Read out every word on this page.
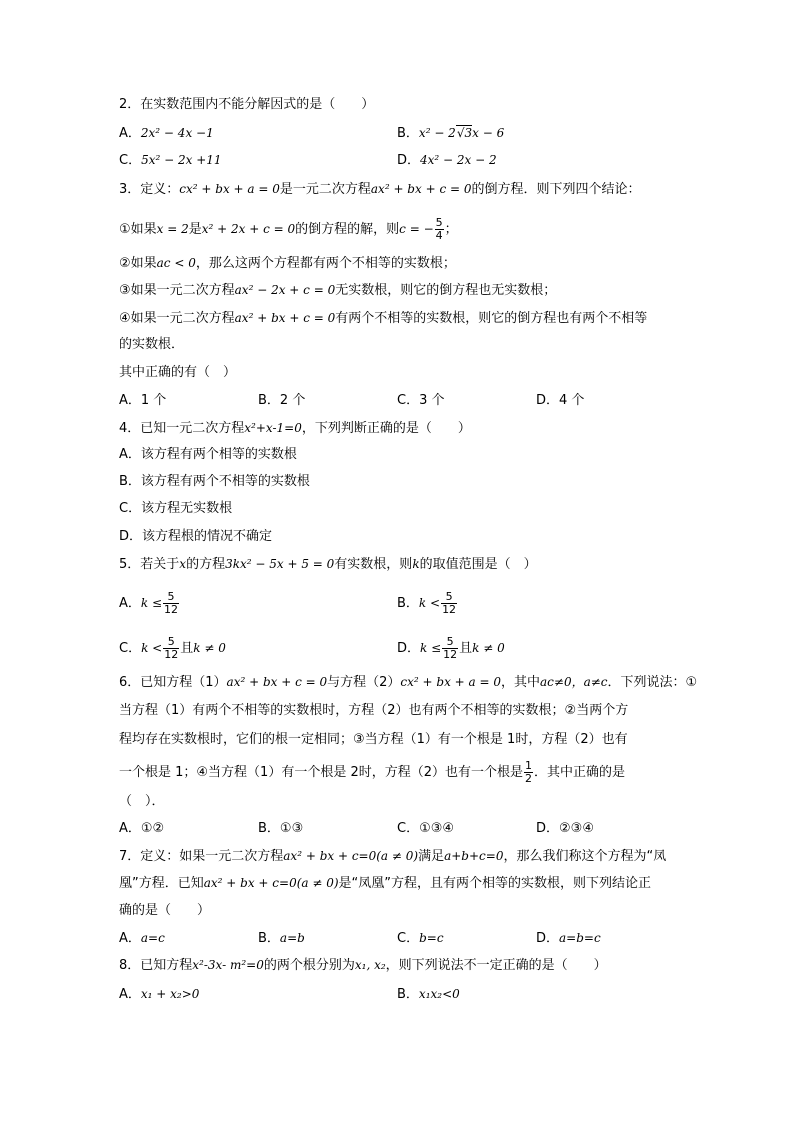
2．在实数范围内不能分解因式的是（　　）
A．2x² − 4x −1	B．x² − 2√3x − 6
C．5x² − 2x +11	D．4x² − 2x − 2
3．定义：cx² + bx + a = 0是一元二次方程ax² + bx + c = 0的倒方程．则下列四个结论：
①如果x = 2是x² + 2x + c = 0的倒方程的解，则c = − $\frac{5}{4}$ ；
②如果ac < 0，那么这两个方程都有两个不相等的实数根；
③如果一元二次方程ax² − 2x + c = 0无实数根，则它的倒方程也无实数根；
④如果一元二次方程ax² + bx + c = 0有两个不相等的实数根，则它的倒方程也有两个不相等
的实数根．
其中正确的有（　）
A．1 个	B．2 个	C．3 个	D．4 个
4．已知一元二次方程x²+x-1=0，下列判断正确的是（　　）
A．该方程有两个相等的实数根
B．该方程有两个不相等的实数根
C．该方程无实数根
D．该方程根的情况不确定
5．若关于x的方程3kx² − 5x + 5 = 0有实数根，则k的取值范围是（　）
A．$k \le \frac{5}{12}$	B．$k < \frac{5}{12}$
C．$k < \frac{5}{12}$ 且k ≠ 0	D．$k \le \frac{5}{12}$ 且k ≠ 0
6．已知方程（1）ax² + bx + c = 0与方程（2）cx² + bx + a = 0，其中ac≠0，a≠c．下列说法：①
当方程（1）有两个不相等的实数根时，方程（2）也有两个不相等的实数根；②当两个方
程均存在实数根时，它们的根一定相同；③当方程（1）有一个根是 1时，方程（2）也有
一个根是 1；④当方程（1）有一个根是 2时，方程（2）也有一个根是 $\frac{1}{2}$ ．其中正确的是
（　）．
A．①②	B．①③	C．①③④	D．②③④
7．定义：如果一元二次方程ax² + bx + c=0(a ≠ 0)满足a+b+c=0，那么我们称这个方程为“凤
凰”方程．已知ax² + bx + c=0(a ≠ 0)是“凤凰”方程，且有两个相等的实数根，则下列结论正
确的是（　　）
A．a=c	B．a=b	C．b=c	D．a=b=c
8．已知方程x²-3x- m²=0的两个根分别为x₁, x₂，则下列说法不一定正确的是（　　）
A．x₁ + x₂>0	B．x₁x₂<0
